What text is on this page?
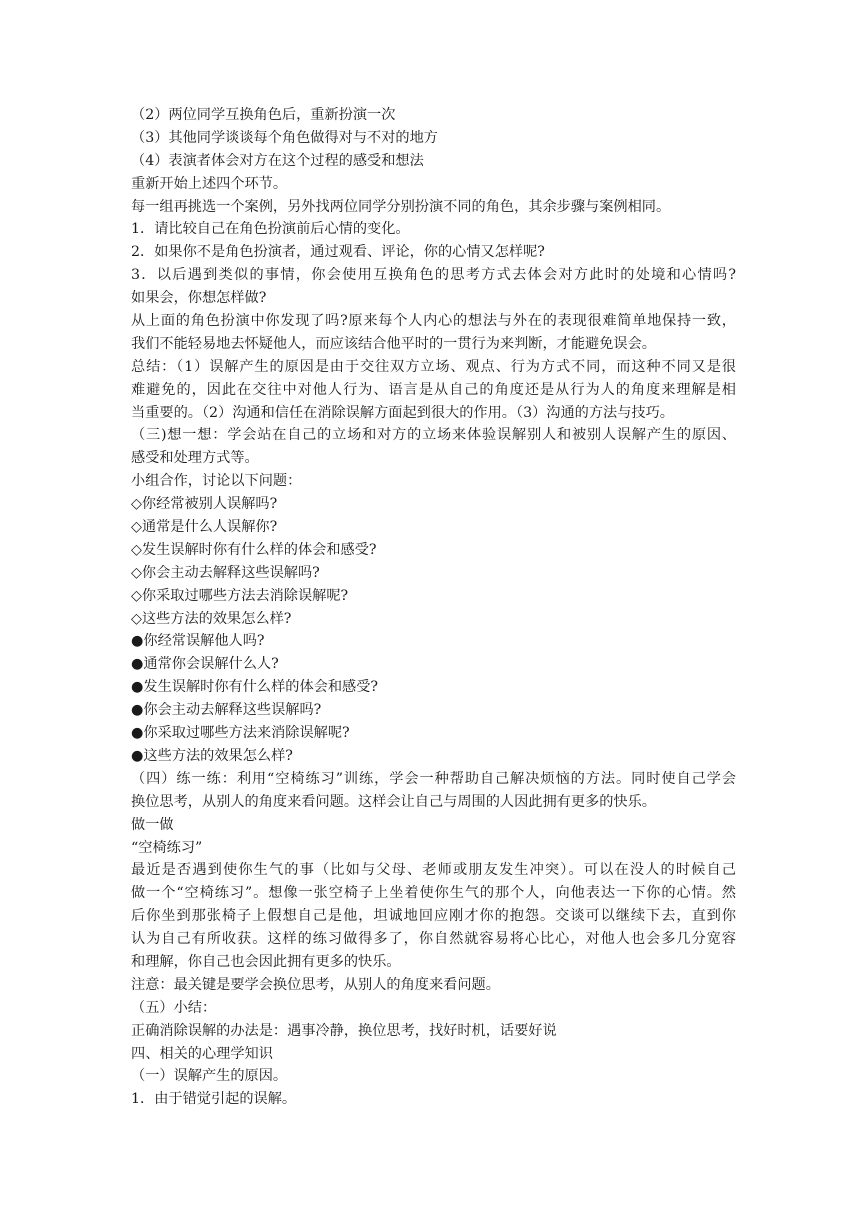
（2）两位同学互换角色后，重新扮演一次
（3）其他同学谈谈每个角色做得对与不对的地方
（4）表演者体会对方在这个过程的感受和想法
重新开始上述四个环节。
每一组再挑选一个案例，另外找两位同学分别扮演不同的角色，其余步骤与案例相同。
1．请比较自己在角色扮演前后心情的变化。
2．如果你不是角色扮演者，通过观看、评论，你的心情又怎样呢?
3．以后遇到类似的事情，你会使用互换角色的思考方式去体会对方此时的处境和心情吗?
如果会，你想怎样做?
从上面的角色扮演中你发现了吗?原来每个人内心的想法与外在的表现很难简单地保持一致，
我们不能轻易地去怀疑他人，而应该结合他平时的一贯行为来判断，才能避免误会。
总结：（1）误解产生的原因是由于交往双方立场、观点、行为方式不同，而这种不同又是很
难避免的，因此在交往中对他人行为、语言是从自己的角度还是从行为人的角度来理解是相
当重要的。（2）沟通和信任在消除误解方面起到很大的作用。（3）沟通的方法与技巧。
（三)想一想：学会站在自己的立场和对方的立场来体验误解别人和被别人误解产生的原因、
感受和处理方式等。
小组合作，讨论以下问题：
◇你经常被别人误解吗?
◇通常是什么人误解你?
◇发生误解时你有什么样的体会和感受?
◇你会主动去解释这些误解吗?
◇你采取过哪些方法去消除误解呢?
◇这些方法的效果怎么样?
●你经常误解他人吗?
●通常你会误解什么人?
●发生误解时你有什么样的体会和感受?
●你会主动去解释这些误解吗?
●你采取过哪些方法来消除误解呢?
●这些方法的效果怎么样?
（四）练一练：利用“空椅练习”训练，学会一种帮助自己解决烦恼的方法。同时使自己学会
换位思考，从别人的角度来看问题。这样会让自己与周围的人因此拥有更多的快乐。
做一做
“空椅练习”
最近是否遇到使你生气的事（比如与父母、老师或朋友发生冲突）。可以在没人的时候自己
做一个“空椅练习”。想像一张空椅子上坐着使你生气的那个人，向他表达一下你的心情。然
后你坐到那张椅子上假想自己是他，坦诚地回应刚才你的抱怨。交谈可以继续下去，直到你
认为自己有所收获。这样的练习做得多了，你自然就容易将心比心，对他人也会多几分宽容
和理解，你自己也会因此拥有更多的快乐。
注意：最关键是要学会换位思考，从别人的角度来看问题。
（五）小结：
正确消除误解的办法是：遇事冷静，换位思考，找好时机，话要好说
四、相关的心理学知识
（一）误解产生的原因。
1．由于错觉引起的误解。
